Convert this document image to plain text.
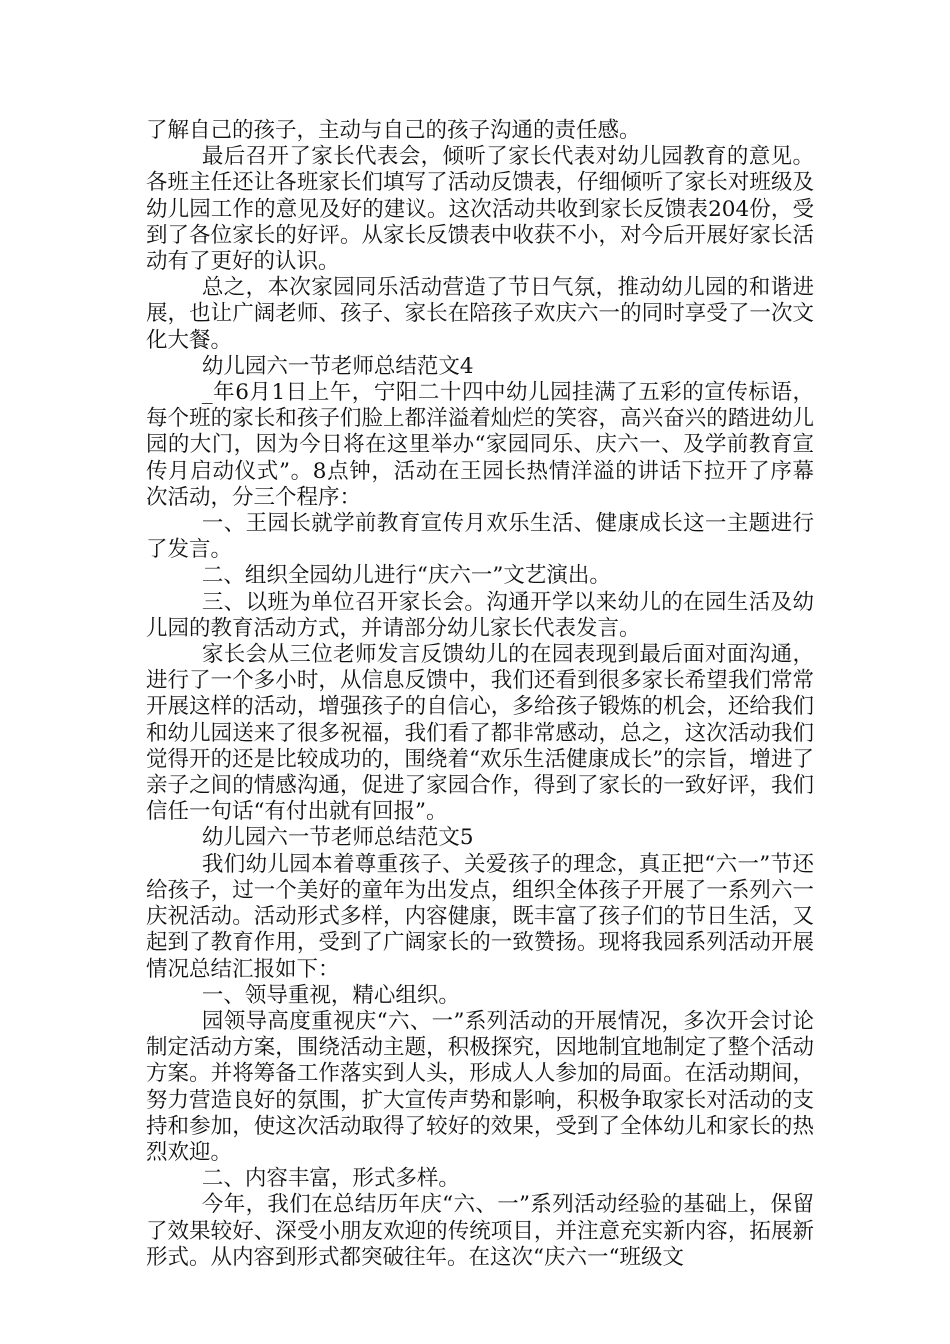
了解自己的孩子，主动与自己的孩子沟通的责任感。

最后召开了家长代表会，倾听了家长代表对幼儿园教育的意见。各班主任还让各班家长们填写了活动反馈表，仔细倾听了家长对班级及幼儿园工作的意见及好的建议。这次活动共收到家长反馈表204份，受到了各位家长的好评。从家长反馈表中收获不小，对今后开展好家长活动有了更好的认识。

总之，本次家园同乐活动营造了节日气氛，推动幼儿园的和谐进展，也让广阔老师、孩子、家长在陪孩子欢庆六一的同时享受了一次文化大餐。

幼儿园六一节老师总结范文4

_年6月1日上午，宁阳二十四中幼儿园挂满了五彩的宣传标语，每个班的家长和孩子们脸上都洋溢着灿烂的笑容，高兴奋兴的踏进幼儿园的大门，因为今日将在这里举办“家园同乐、庆六一、及学前教育宣传月启动仪式”。8点钟，活动在王园长热情洋溢的讲话下拉开了序幕次活动，分三个程序：

一、王园长就学前教育宣传月欢乐生活、健康成长这一主题进行了发言。

二、组织全园幼儿进行“庆六一”文艺演出。

三、以班为单位召开家长会。沟通开学以来幼儿的在园生活及幼儿园的教育活动方式，并请部分幼儿家长代表发言。

家长会从三位老师发言反馈幼儿的在园表现到最后面对面沟通，进行了一个多小时，从信息反馈中，我们还看到很多家长希望我们常常开展这样的活动，增强孩子的自信心，多给孩子锻炼的机会，还给我们和幼儿园送来了很多祝福，我们看了都非常感动，总之，这次活动我们觉得开的还是比较成功的，围绕着“欢乐生活健康成长”的宗旨，增进了亲子之间的情感沟通，促进了家园合作，得到了家长的一致好评，我们信任一句话“有付出就有回报”。

幼儿园六一节老师总结范文5

我们幼儿园本着尊重孩子、关爱孩子的理念，真正把“六一”节还给孩子，过一个美好的童年为出发点，组织全体孩子开展了一系列六一庆祝活动。活动形式多样，内容健康，既丰富了孩子们的节日生活，又起到了教育作用，受到了广阔家长的一致赞扬。现将我园系列活动开展情况总结汇报如下：

一、领导重视，精心组织。

园领导高度重视庆“六、一”系列活动的开展情况，多次开会讨论制定活动方案，围绕活动主题，积极探究，因地制宜地制定了整个活动方案。并将筹备工作落实到人头，形成人人参加的局面。在活动期间，努力营造良好的氛围，扩大宣传声势和影响，积极争取家长对活动的支持和参加，使这次活动取得了较好的效果，受到了全体幼儿和家长的热烈欢迎。

二、内容丰富，形式多样。

今年，我们在总结历年庆“六、一”系列活动经验的基础上，保留了效果较好、深受小朋友欢迎的传统项目，并注意充实新内容，拓展新形式。从内容到形式都突破往年。在这次“庆六一“班级文
